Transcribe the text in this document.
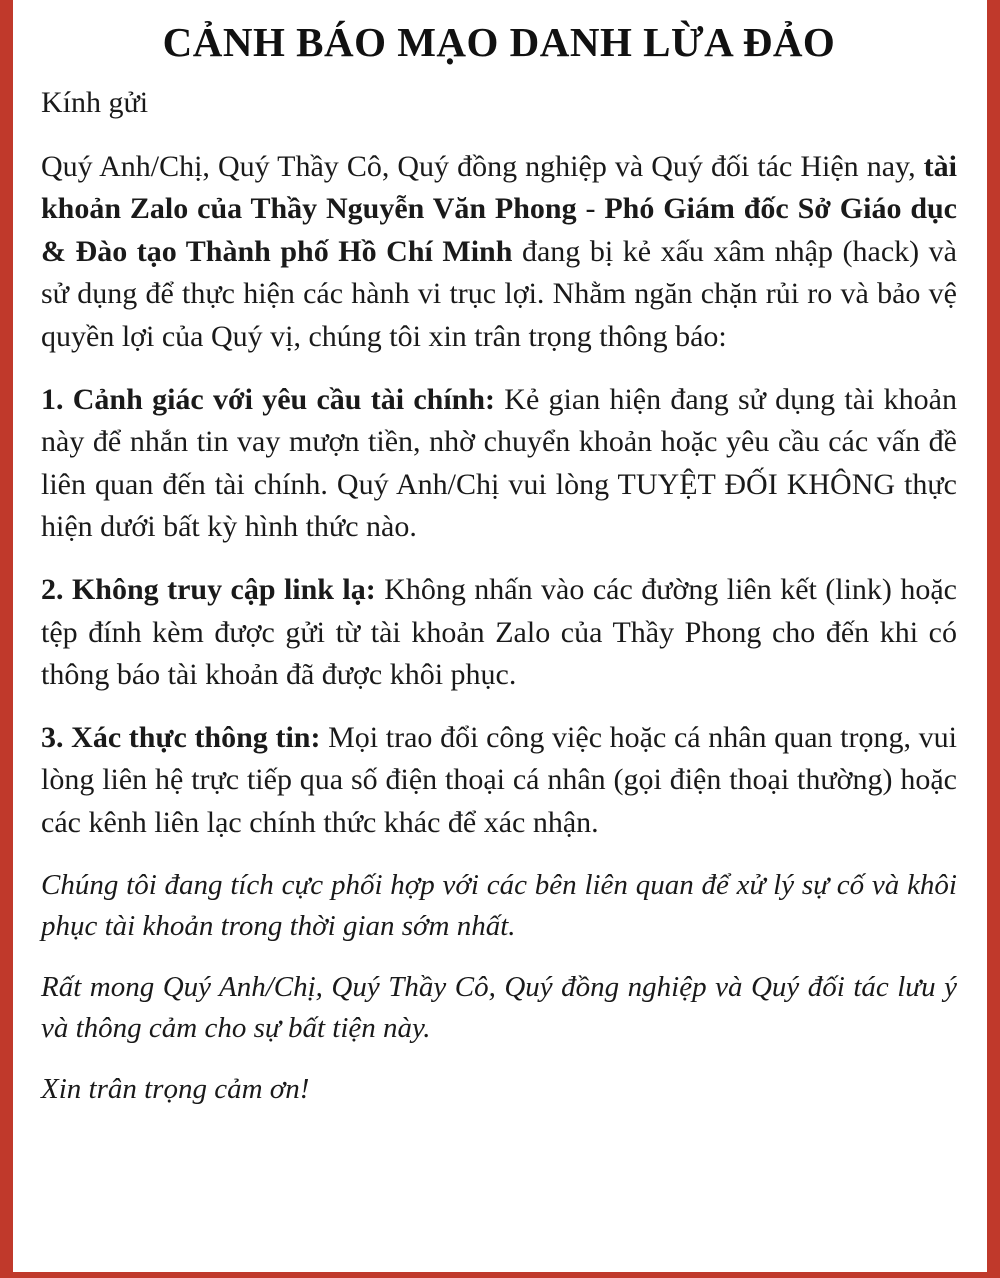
CẢNH BÁO MẠO DANH LỪA ĐẢO
Kính gửi

Quý Anh/Chị, Quý Thầy Cô, Quý đồng nghiệp và Quý đối tác Hiện nay, tài khoản Zalo của Thầy Nguyễn Văn Phong - Phó Giám đốc Sở Giáo dục & Đào tạo Thành phố Hồ Chí Minh đang bị kẻ xấu xâm nhập (hack) và sử dụng để thực hiện các hành vi trục lợi. Nhằm ngăn chặn rủi ro và bảo vệ quyền lợi của Quý vị, chúng tôi xin trân trọng thông báo:

1. Cảnh giác với yêu cầu tài chính: Kẻ gian hiện đang sử dụng tài khoản này để nhắn tin vay mượn tiền, nhờ chuyển khoản hoặc yêu cầu các vấn đề liên quan đến tài chính. Quý Anh/Chị vui lòng TUYỆT ĐỐI KHÔNG thực hiện dưới bất kỳ hình thức nào.

2. Không truy cập link lạ: Không nhấn vào các đường liên kết (link) hoặc tệp đính kèm được gửi từ tài khoản Zalo của Thầy Phong cho đến khi có thông báo tài khoản đã được khôi phục.

3. Xác thực thông tin: Mọi trao đổi công việc hoặc cá nhân quan trọng, vui lòng liên hệ trực tiếp qua số điện thoại cá nhân (gọi điện thoại thường) hoặc các kênh liên lạc chính thức khác để xác nhận.

Chúng tôi đang tích cực phối hợp với các bên liên quan để xử lý sự cố và khôi phục tài khoản trong thời gian sớm nhất.

Rất mong Quý Anh/Chị, Quý Thầy Cô, Quý đồng nghiệp và Quý đối tác lưu ý và thông cảm cho sự bất tiện này.

Xin trân trọng cảm ơn!
